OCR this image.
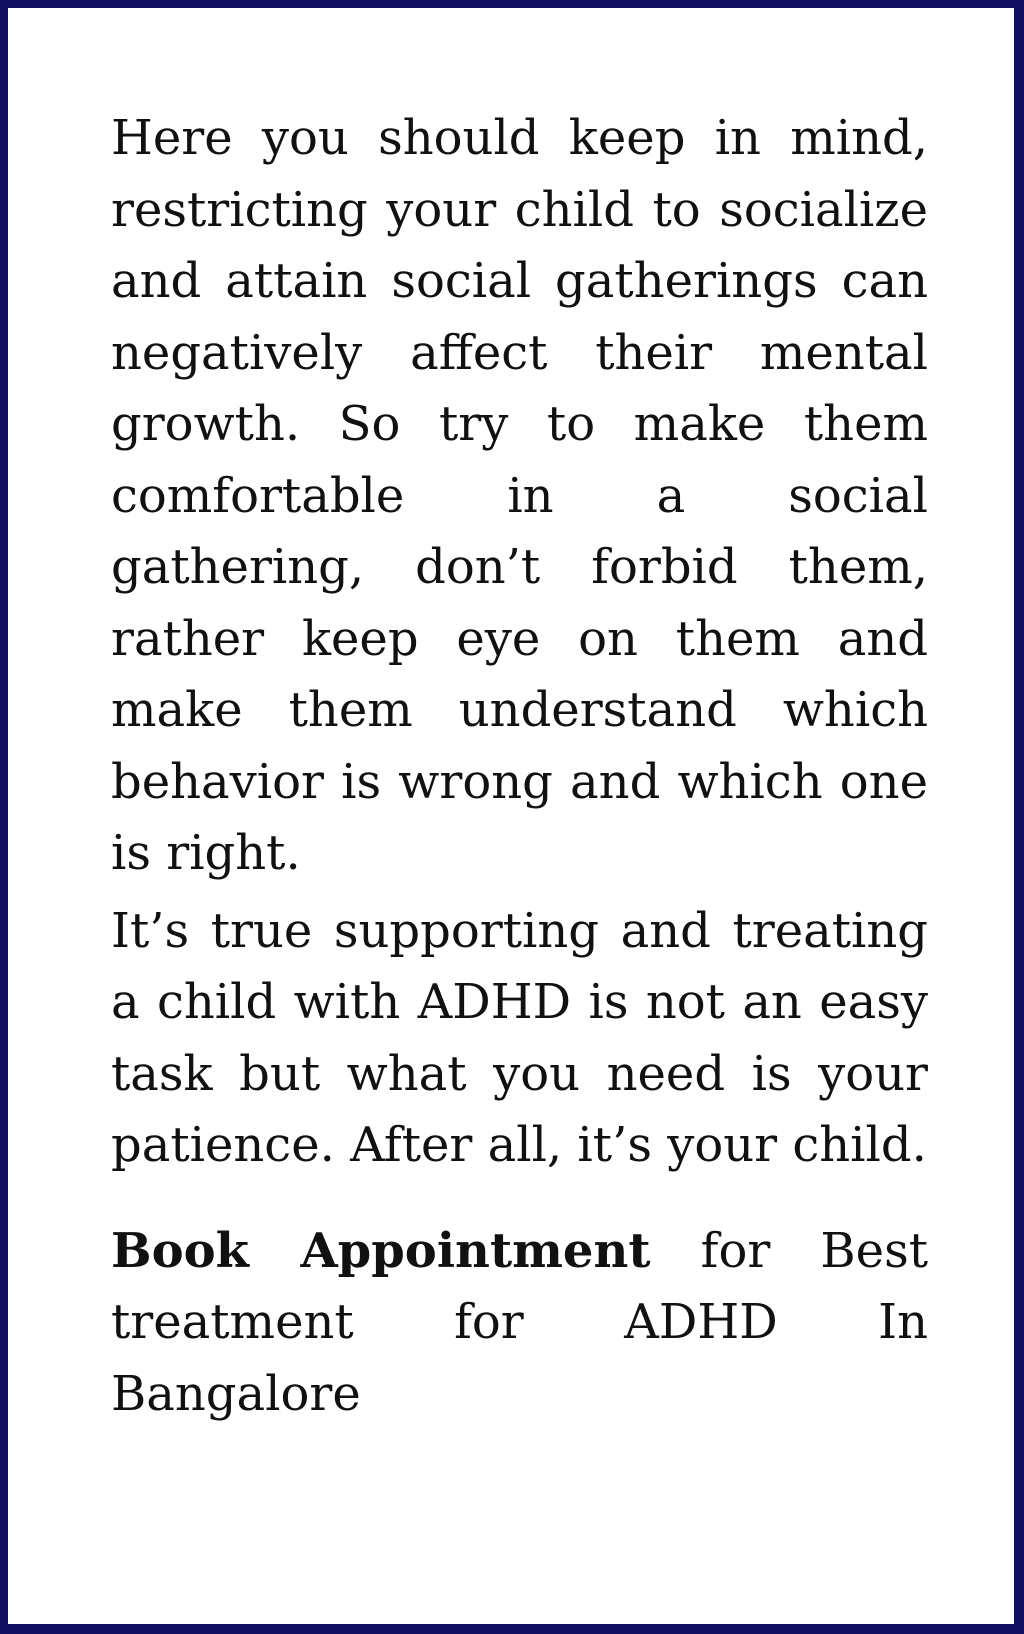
Here you should keep in mind, restricting your child to socialize and attain social gatherings can negatively affect their mental growth. So try to make them comfortable in a social gathering, don’t forbid them, rather keep eye on them and make them understand which behavior is wrong and which one is right.

It’s true supporting and treating a child with ADHD is not an easy task but what you need is your patience. After all, it’s your child.

Book Appointment for Best treatment for ADHD In Bangalore
